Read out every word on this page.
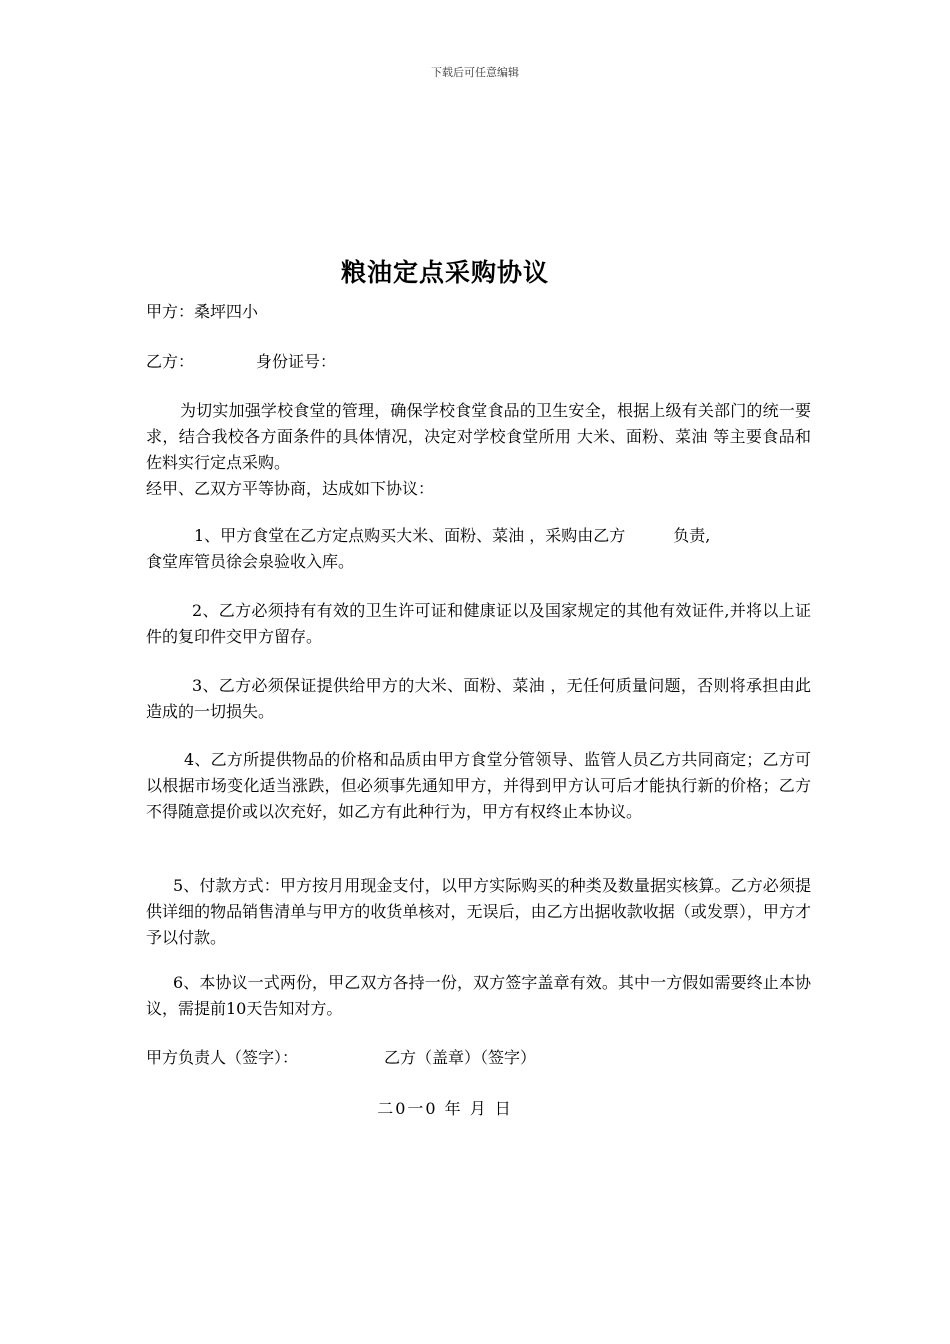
下载后可任意编辑
粮油定点采购协议
甲方：桑坪四小
乙方：	身份证号：
为切实加强学校食堂的管理，确保学校食堂食品的卫生安全，根据上级有关部门的统一要求，结合我校各方面条件的具体情况，决定对学校食堂所用 大米、面粉、菜油 等主要食品和佐料实行定点采购。
经甲、乙双方平等协商，达成如下协议：
1、甲方食堂在乙方定点购买大米、面粉、菜油 ，采购由乙方	负责,
食堂库管员徐会泉验收入库。
2、乙方必须持有有效的卫生许可证和健康证以及国家规定的其他有效证件,并将以上证件的复印件交甲方留存。
3、乙方必须保证提供给甲方的大米、面粉、菜油 ，无任何质量问题，否则将承担由此造成的一切损失。
4、乙方所提供物品的价格和品质由甲方食堂分管领导、监管人员乙方共同商定；乙方可以根据市场变化适当涨跌，但必须事先通知甲方，并得到甲方认可后才能执行新的价格；乙方不得随意提价或以次充好，如乙方有此种行为，甲方有权终止本协议。
5、付款方式：甲方按月用现金支付，以甲方实际购买的种类及数量据实核算。乙方必须提供详细的物品销售清单与甲方的收货单核对，无误后，由乙方出据收款收据（或发票），甲方才予以付款。
6、本协议一式两份，甲乙双方各持一份，双方签字盖章有效。其中一方假如需要终止本协议，需提前10天告知对方。
甲方负责人（签字）：	乙方（盖章）（签字）
二0一0 年 月 日
